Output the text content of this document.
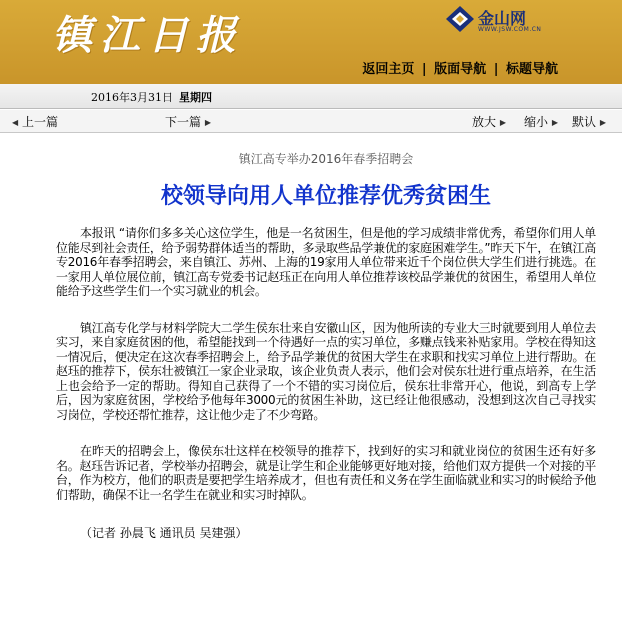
镇江日报	金山网
WWW.JSW.COM.CN
返回主页 | 版面导航 | 标题导航
2016年3月31日 星期四
◀ 上一篇	下一篇 ▶	放大 ▶ 缩小 ▶ 默认 ▶
镇江高专举办2016年春季招聘会
校领导向用人单位推荐优秀贫困生

本报讯 “请你们多多关心这位学生，他是一名贫困生，但是他的学习成绩非常优秀，希望你们用人单位能尽到社会责任，给予弱势群体适当的帮助，多录取些品学兼优的家庭困难学生。”昨天下午，在镇江高专2016年春季招聘会，来自镇江、苏州、上海的19家用人单位带来近千个岗位供大学生们进行挑选。在一家用人单位展位前，镇江高专党委书记赵珏正在向用人单位推荐该校品学兼优的贫困生，希望用人单位能给予这些学生们一个实习就业的机会。

镇江高专化学与材料学院大二学生侯东壮来自安徽山区，因为他所读的专业大三时就要到用人单位去实习，来自家庭贫困的他，希望能找到一个待遇好一点的实习单位，多赚点钱来补贴家用。学校在得知这一情况后，便决定在这次春季招聘会上，给予品学兼优的贫困大学生在求职和找实习单位上进行帮助。在赵珏的推荐下，侯东壮被镇江一家企业录取，该企业负责人表示，他们会对侯东壮进行重点培养，在生活上也会给予一定的帮助。得知自己获得了一个不错的实习岗位后，侯东壮非常开心，他说，到高专上学后，因为家庭贫困，学校给予他每年3000元的贫困生补助，这已经让他很感动，没想到这次自己寻找实习岗位，学校还帮忙推荐，这让他少走了不少弯路。

在昨天的招聘会上，像侯东壮这样在校领导的推荐下，找到好的实习和就业岗位的贫困生还有好多名。赵珏告诉记者，学校举办招聘会，就是让学生和企业能够更好地对接，给他们双方提供一个对接的平台，作为校方，他们的职责是要把学生培养成才，但也有责任和义务在学生面临就业和实习的时候给予他们帮助，确保不让一名学生在就业和实习时掉队。

（记者 孙晨飞 通讯员 吴建强）
